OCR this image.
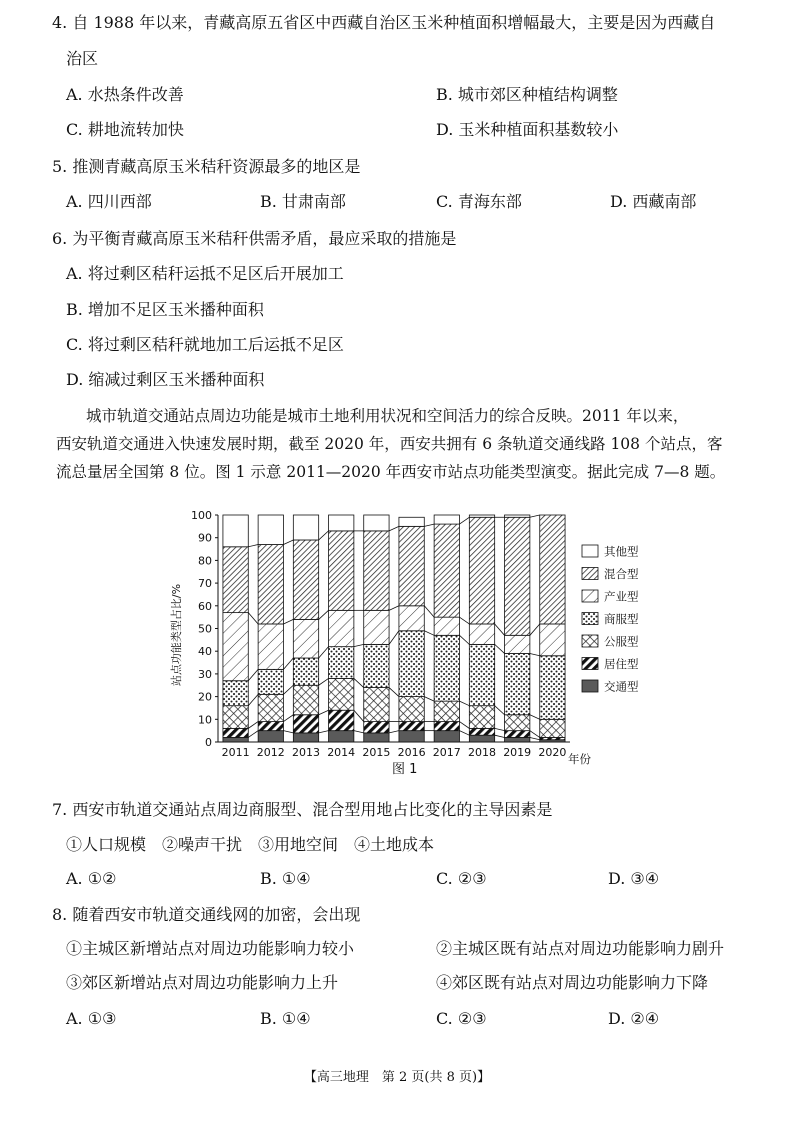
4. 自 1988 年以来，青藏高原五省区中西藏自治区玉米种植面积增幅最大，主要是因为西藏自
治区
A. 水热条件改善	B. 城市郊区种植结构调整
C. 耕地流转加快	D. 玉米种植面积基数较小
5. 推测青藏高原玉米秸秆资源最多的地区是
A. 四川西部	B. 甘肃南部	C. 青海东部	D. 西藏南部
6. 为平衡青藏高原玉米秸秆供需矛盾，最应采取的措施是
A. 将过剩区秸秆运抵不足区后开展加工
B. 增加不足区玉米播种面积
C. 将过剩区秸秆就地加工后运抵不足区
D. 缩减过剩区玉米播种面积
城市轨道交通站点周边功能是城市土地利用状况和空间活力的综合反映。2011 年以来，
西安轨道交通进入快速发展时期，截至 2020 年，西安共拥有 6 条轨道交通线路 108 个站点，客
流总量居全国第 8 位。图 1 示意 2011—2020 年西安市站点功能类型演变。据此完成 7—8 题。
0
10
20
30
40
50
60
70
80
90
100
2011 2012 2013 2014 2015 2016 2017 2018 2019 2020
其他型
混合型
产业型
商服型
公服型
居住型
交通型
站点功能类型占比/%
年份
图 1
7. 西安市轨道交通站点周边商服型、混合型用地占比变化的主导因素是
①人口规模　②噪声干扰　③用地空间　④土地成本
A. ①②	B. ①④	C. ②③	D. ③④
8. 随着西安市轨道交通线网的加密，会出现
①主城区新增站点对周边功能影响力较小	②主城区既有站点对周边功能影响力剧升
③郊区新增站点对周边功能影响力上升	④郊区既有站点对周边功能影响力下降
A. ①③	B. ①④	C. ②③	D. ②④
【高三地理　第 2 页(共 8 页)】
